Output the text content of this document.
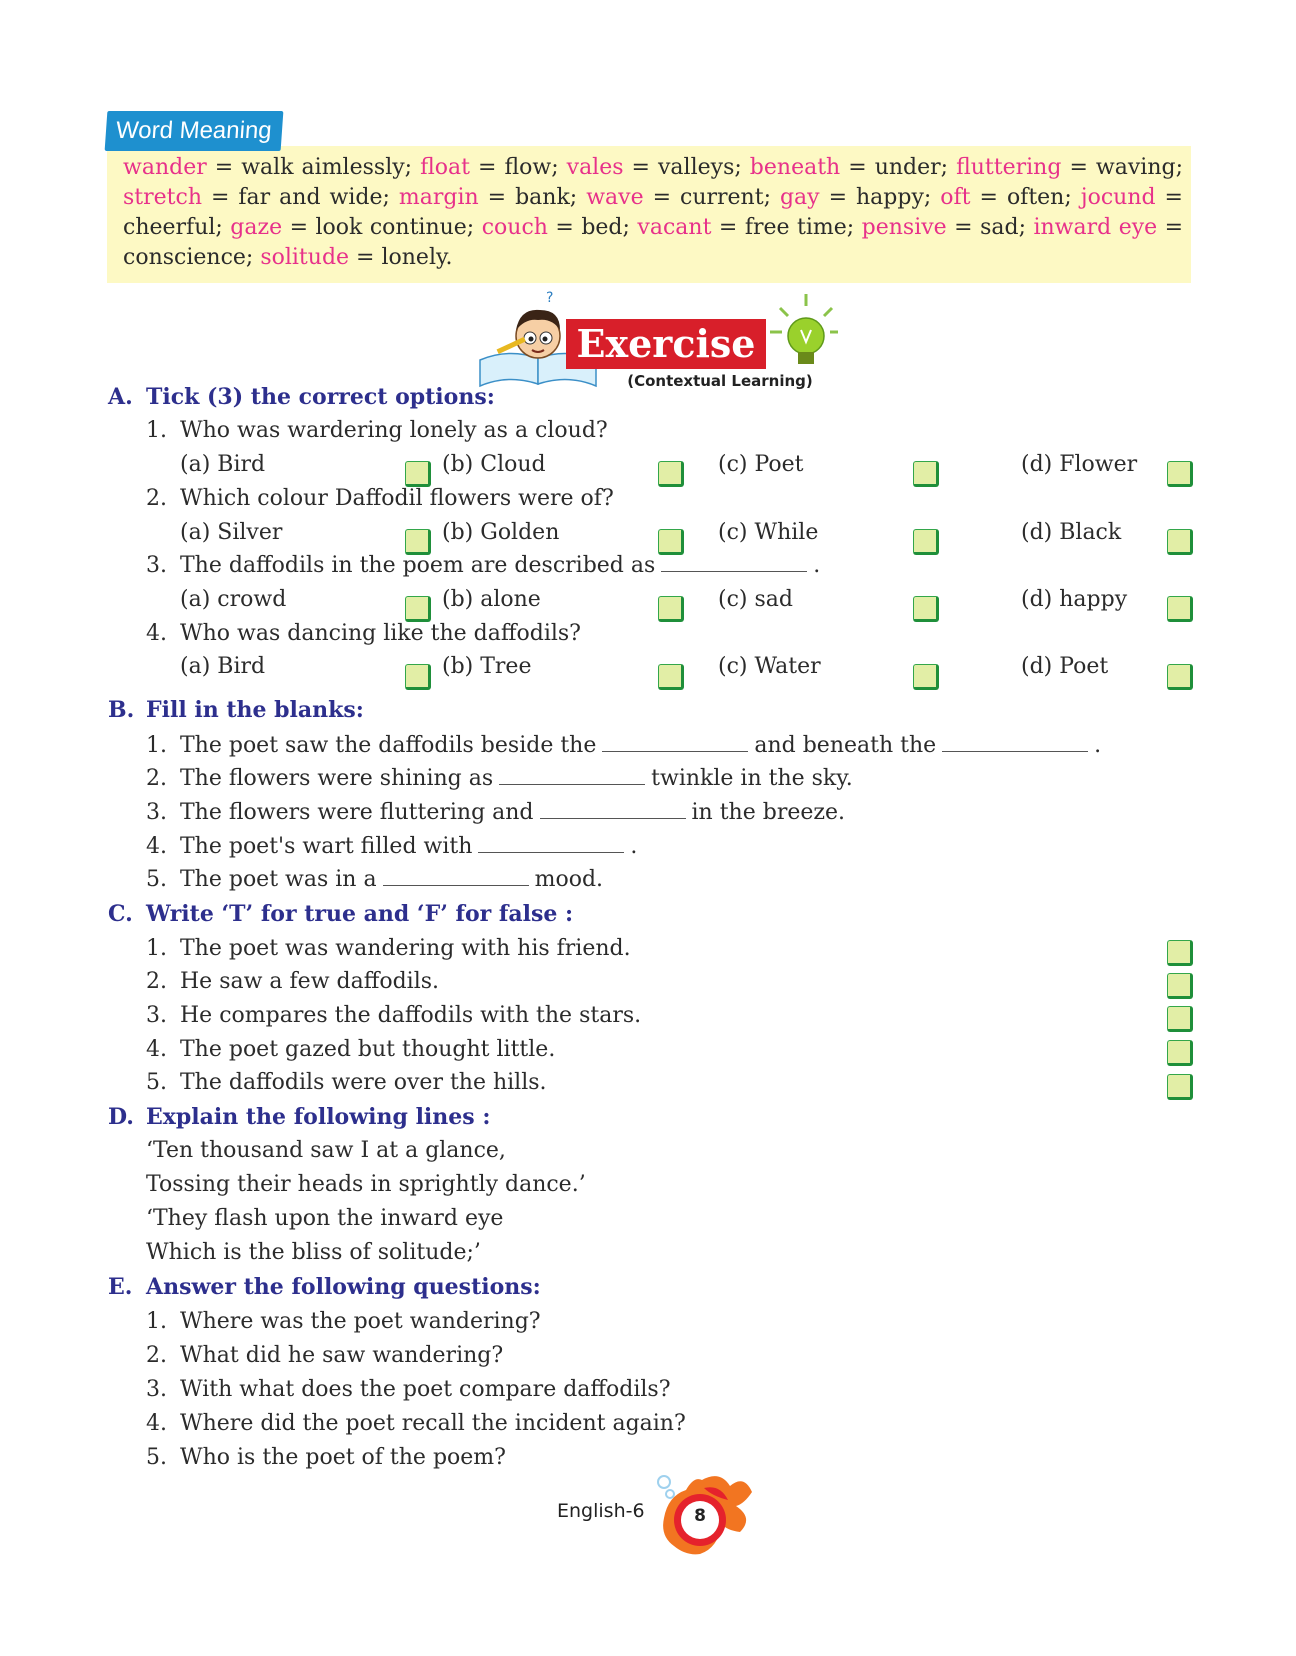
Word Meaning
wander = walk aimlessly; float = flow; vales = valleys; beneath = under; fluttering = waving; stretch = far and wide; margin = bank; wave = current; gay = happy; oft = often; jocund = cheerful; gaze = look continue; couch = bed; vacant = free time; pensive = sad; inward eye = conscience; solitude = lonely.
?
Exercise
(Contextual Learning)
A. Tick (3) the correct options:
1. Who was wardering lonely as a cloud?
(a) Bird	(b) Cloud	(c) Poet	(d) Flower
2. Which colour Daffodil flowers were of?
(a) Silver	(b) Golden	(c) While	(d) Black
3. The daffodils in the poem are described as	.
(a) crowd	(b) alone	(c) sad	(d) happy
4. Who was dancing like the daffodils?
(a) Bird	(b) Tree	(c) Water	(d) Poet
B. Fill in the blanks:
1. The poet saw the daffodils beside the	and beneath the	.
2. The flowers were shining as	twinkle in the sky.
3. The flowers were fluttering and	in the breeze.
4. The poet's wart filled with	.
5. The poet was in a	mood.
C. Write ‘T’ for true and ‘F’ for false :
1. The poet was wandering with his friend.
2. He saw a few daffodils.
3. He compares the daffodils with the stars.
4. The poet gazed but thought little.
5. The daffodils were over the hills.
D. Explain the following lines :
‘Ten thousand saw I at a glance,
Tossing their heads in sprightly dance.’
‘They flash upon the inward eye
Which is the bliss of solitude;’
E. Answer the following questions:
1. Where was the poet wandering?
2. What did he saw wandering?
3. With what does the poet compare daffodils?
4. Where did the poet recall the incident again?
5. Who is the poet of the poem?
English-6	8
